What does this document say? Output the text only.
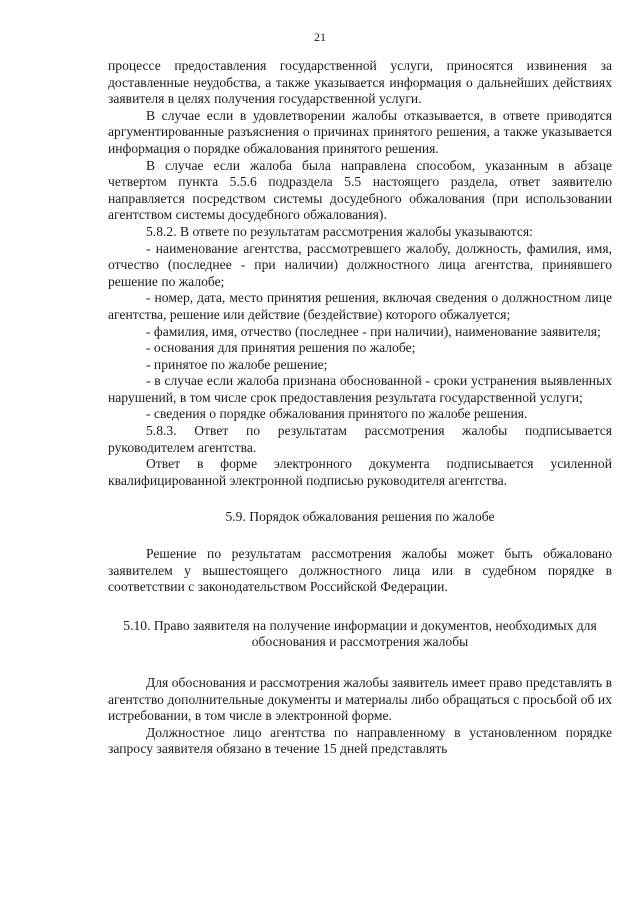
21

процессе предоставления государственной услуги, приносятся извинения за доставленные неудобства, а также указывается информация о дальнейших действиях заявителя в целях получения государственной услуги.

В случае если в удовлетворении жалобы отказывается, в ответе приводятся аргументированные разъяснения о причинах принятого решения, а также указывается информация о порядке обжалования принятого решения.

В случае если жалоба была направлена способом, указанным в абзаце четвертом пункта 5.5.6 подраздела 5.5 настоящего раздела, ответ заявителю направляется посредством системы досудебного обжалования (при использовании агентством системы досудебного обжалования).

5.8.2. В ответе по результатам рассмотрения жалобы указываются:

- наименование агентства, рассмотревшего жалобу, должность, фамилия, имя, отчество (последнее - при наличии) должностного лица агентства, принявшего решение по жалобе;

- номер, дата, место принятия решения, включая сведения о должностном лице агентства, решение или действие (бездействие) которого обжалуется;

- фамилия, имя, отчество (последнее - при наличии), наименование заявителя;

- основания для принятия решения по жалобе;

- принятое по жалобе решение;

- в случае если жалоба признана обоснованной - сроки устранения выявленных нарушений, в том числе срок предоставления результата государственной услуги;

- сведения о порядке обжалования принятого по жалобе решения.

5.8.3. Ответ по результатам рассмотрения жалобы подписывается руководителем агентства.

Ответ в форме электронного документа подписывается усиленной квалифицированной электронной подписью руководителя агентства.

5.9. Порядок обжалования решения по жалобе

Решение по результатам рассмотрения жалобы может быть обжаловано заявителем у вышестоящего должностного лица или в судебном порядке в соответствии с законодательством Российской Федерации.

5.10. Право заявителя на получение информации и документов, необходимых для обоснования и рассмотрения жалобы

Для обоснования и рассмотрения жалобы заявитель имеет право представлять в агентство дополнительные документы и материалы либо обращаться с просьбой об их истребовании, в том числе в электронной форме.

Должностное лицо агентства по направленному в установленном порядке запросу заявителя обязано в течение 15 дней представлять
